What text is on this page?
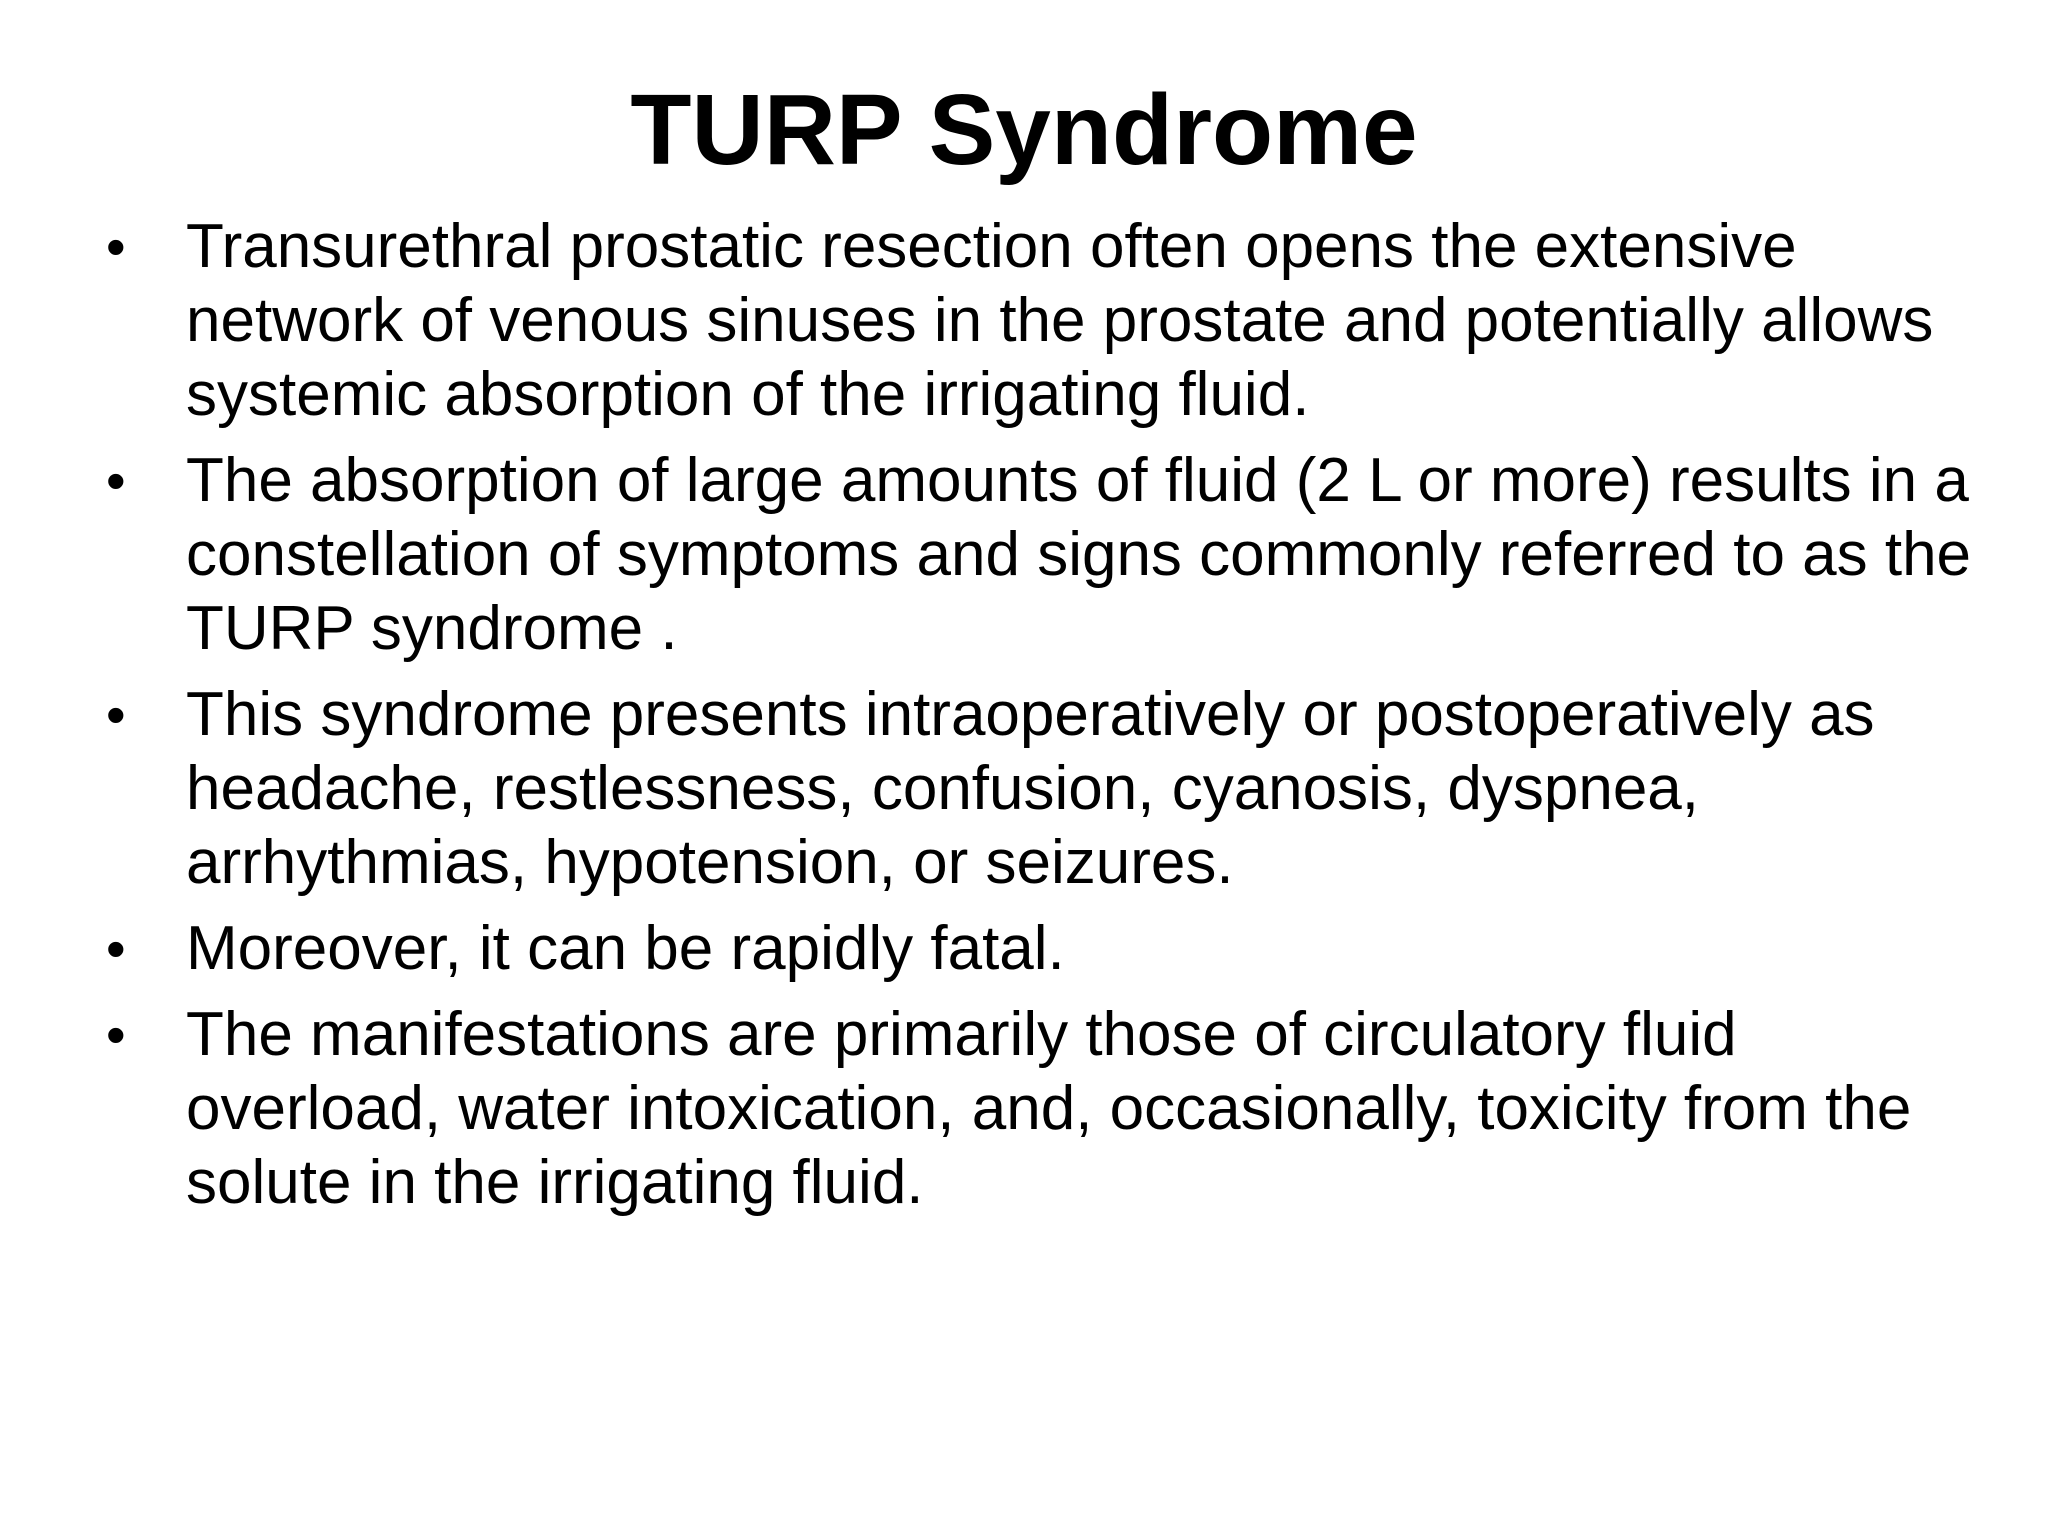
TURP Syndrome
• Transurethral prostatic resection often opens the extensive network of venous sinuses in the prostate and potentially allows systemic absorption of the irrigating fluid.
• The absorption of large amounts of fluid (2 L or more) results in a constellation of symptoms and signs commonly referred to as the TURP syndrome .
• This syndrome presents intraoperatively or postoperatively as headache, restlessness, confusion, cyanosis, dyspnea, arrhythmias, hypotension, or seizures.
• Moreover, it can be rapidly fatal.
• The manifestations are primarily those of circulatory fluid overload, water intoxication, and, occasionally, toxicity from the solute in the irrigating fluid.
